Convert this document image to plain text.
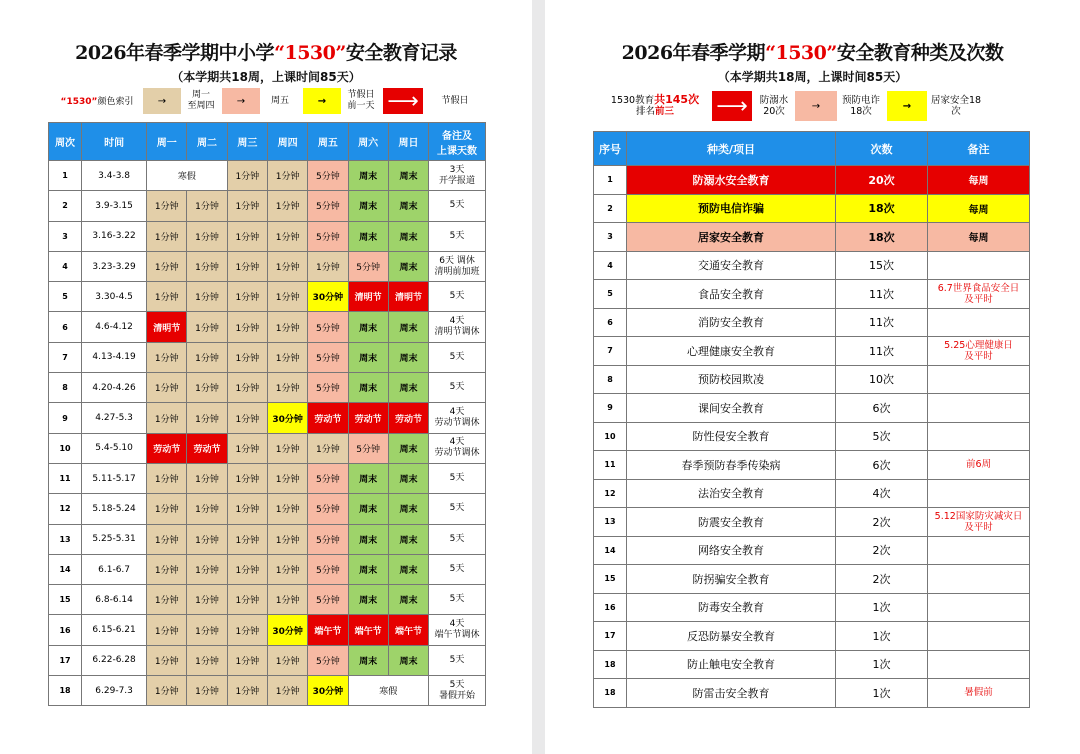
2026年春季学期中小学“1530”安全教育记录
（本学期共18周，上课时间85天）
“1530” 颜色索引	→
周一
至周四	→	周五	→
节假日
前一天 ⟶	节假日
周次	时间	周一	周二	周三	周四	周五	周六	周日	备注及
上课天数
1	3.4-3.8	寒假		1分钟	1分钟	5分钟	周末	周末	3天
开学报道
2	3.9-3.15	1分钟	1分钟	1分钟	1分钟	5分钟	周末	周末	5天
3	3.16-3.22	1分钟	1分钟	1分钟	1分钟	5分钟	周末	周末	5天
4	3.23-3.29	1分钟	1分钟	1分钟	1分钟	1分钟	5分钟	周末	6天 调休
清明前加班
5	3.30-4.5	1分钟	1分钟	1分钟	1分钟	30分钟	清明节	清明节	5天
6	4.6-4.12	清明节	1分钟	1分钟	1分钟	5分钟	周末	周末	4天
清明节调休
7	4.13-4.19	1分钟	1分钟	1分钟	1分钟	5分钟	周末	周末	5天
8	4.20-4.26	1分钟	1分钟	1分钟	1分钟	5分钟	周末	周末	5天
9	4.27-5.3	1分钟	1分钟	1分钟	30分钟	劳动节	劳动节	劳动节	4天
劳动节调休
10	5.4-5.10	劳动节	劳动节	1分钟	1分钟	1分钟	5分钟	周末	4天
劳动节调休
11	5.11-5.17	1分钟	1分钟	1分钟	1分钟	5分钟	周末	周末	5天
12	5.18-5.24	1分钟	1分钟	1分钟	1分钟	5分钟	周末	周末	5天
13	5.25-5.31	1分钟	1分钟	1分钟	1分钟	5分钟	周末	周末	5天
14	6.1-6.7	1分钟	1分钟	1分钟	1分钟	5分钟	周末	周末	5天
15	6.8-6.14	1分钟	1分钟	1分钟	1分钟	5分钟	周末	周末	5天
16	6.15-6.21	1分钟	1分钟	1分钟	30分钟	端午节	端午节	端午节	4天
端午节调休
17	6.22-6.28	1分钟	1分钟	1分钟	1分钟	5分钟	周末	周末	5天
18	6.29-7.3	1分钟	1分钟	1分钟	1分钟	30分钟	寒假		5天
暑假开始
2026年春季学期“1530”安全教育种类及次数
（本学期共18周，上课时间85天）
1530教育共145次
排名前三 ⟶	防溺水
20次	→	预防电诈
18次	→	居家安全18
次
序号	种类/项目	次数	备注
1	防溺水安全教育	20次	每周
2	预防电信诈骗	18次	每周
3	居家安全教育	18次	每周
4	交通安全教育	15次	
5	食品安全教育	11次	6.7世界食品安全日
及平时
6	消防安全教育	11次	
7	心理健康安全教育	11次	5.25心理健康日
及平时
8	预防校园欺凌	10次	
9	课间安全教育	6次	
10	防性侵安全教育	5次	
11	春季预防春季传染病	6次	前6周
12	法治安全教育	4次	
13	防震安全教育	2次	5.12国家防灾减灾日
及平时
14	网络安全教育	2次	
15	防拐骗安全教育	2次	
16	防毒安全教育	1次	
17	反恐防暴安全教育	1次	
18	防止触电安全教育	1次	
18	防雷击安全教育	1次	暑假前
